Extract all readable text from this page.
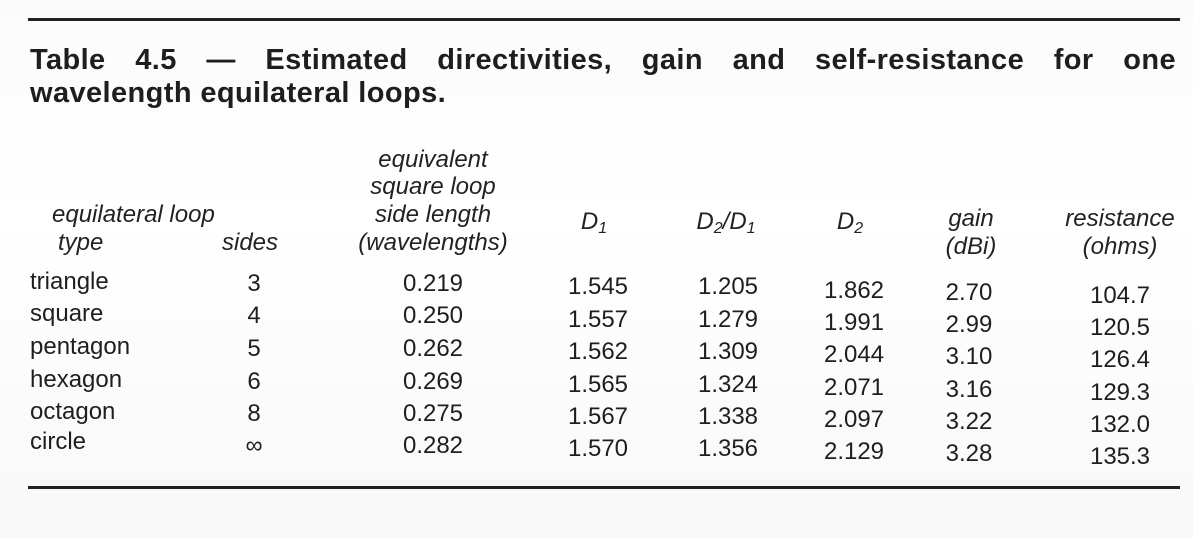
Table 4.5 — Estimated directivities, gain and self-resistance for one
wavelength equilateral loops.
equilateral loop
type	sides
equivalent
square loop
side length
(wavelengths)
$D_1$	$D_2/D_1$	$D_2$	gain
(dBi)
resistance
(ohms)
triangle	3	0.219	1.545	1.205	1.862	2.70	104.7
square	4	0.250	1.557	1.279	1.991	2.99	120.5
pentagon	5	0.262	1.562	1.309	2.044	3.10	126.4
hexagon	6	0.269	1.565	1.324	2.071	3.16	129.3
octagon	8	0.275	1.567	1.338	2.097	3.22	132.0
circle	∞	0.282	1.570	1.356	2.129	3.28	135.3
